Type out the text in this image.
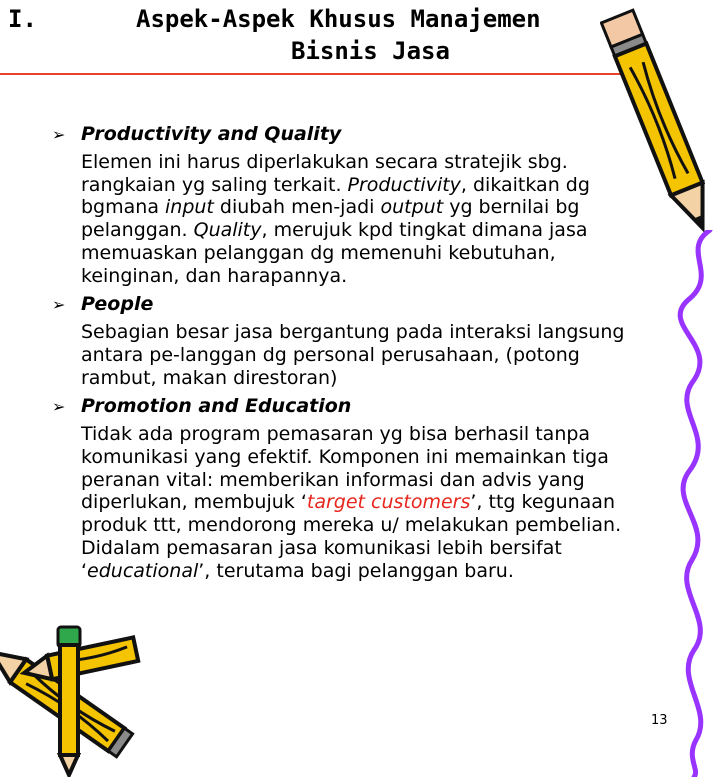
I.	Aspek-Aspek Khusus Manajemen
Bisnis Jasa
➢ Productivity and Quality
Elemen ini harus diperlakukan secara stratejik sbg. rangkaian yg saling terkait. Productivity, dikaitkan dg bgmana input diubah men-jadi output yg bernilai bg pelanggan. Quality, merujuk kpd tingkat dimana jasa memuaskan pelanggan dg memenuhi kebutuhan, keinginan, dan harapannya.
➢ People
Sebagian besar jasa bergantung pada interaksi langsung antara pe-langgan dg personal perusahaan, (potong rambut, makan direstoran)
➢ Promotion and Education
Tidak ada program pemasaran yg bisa berhasil tanpa komunikasi yang efektif. Komponen ini memainkan tiga peranan vital: memberikan informasi dan advis yang diperlukan, membujuk ‘target customers’, ttg kegunaan produk ttt, mendorong mereka u/ melakukan pembelian. Didalam pemasaran jasa komunikasi lebih bersifat ‘educational’, terutama bagi pelanggan baru.
13
